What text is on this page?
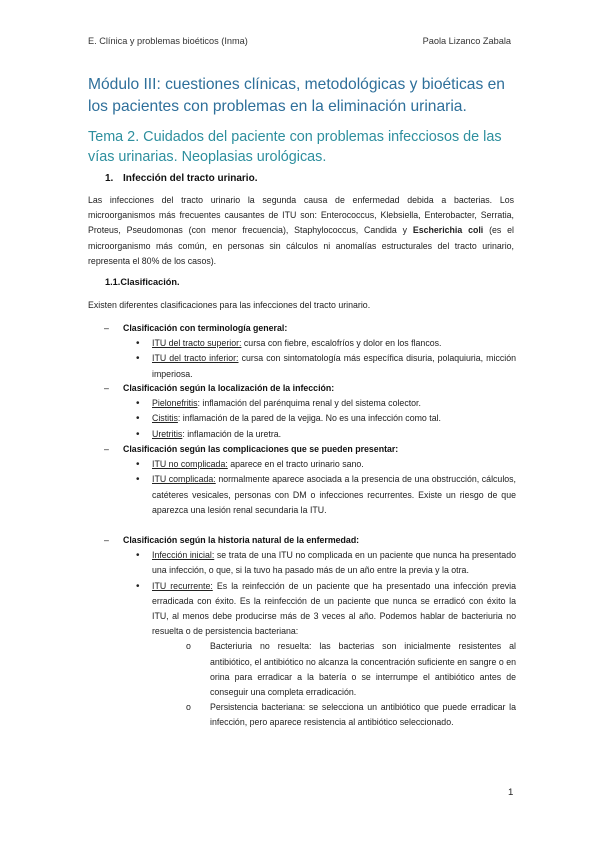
E. Clínica y problemas bioéticos (Inma)	Paola Lizanco Zabala
Módulo III: cuestiones clínicas, metodológicas y bioéticas en los pacientes con problemas en la eliminación urinaria.
Tema 2. Cuidados del paciente con problemas infecciosos de las vías urinarias. Neoplasias urológicas.
1. Infección del tracto urinario.

Las infecciones del tracto urinario la segunda causa de enfermedad debida a bacterias. Los microorganismos más frecuentes causantes de ITU son: Enterococcus, Klebsiella, Enterobacter, Serratia, Proteus, Pseudomonas (con menor frecuencia), Staphylococcus, Candida y Escherichia coli (es el microorganismo más común, en personas sin cálculos ni anomalías estructurales del tracto urinario, representa el 80% de los casos).

1.1.Clasificación.
Existen diferentes clasificaciones para las infecciones del tracto urinario.
– Clasificación con terminología general:
• ITU del tracto superior: cursa con fiebre, escalofríos y dolor en los flancos.
• ITU del tracto inferior: cursa con sintomatología más específica disuria, polaquiuria, micción imperiosa.
– Clasificación según la localización de la infección:
• Pielonefritis: inflamación del parénquima renal y del sistema colector.
• Cistitis: inflamación de la pared de la vejiga. No es una infección como tal.
• Uretritis: inflamación de la uretra.
– Clasificación según las complicaciones que se pueden presentar:
• ITU no complicada: aparece en el tracto urinario sano.
• ITU complicada: normalmente aparece asociada a la presencia de una obstrucción, cálculos, catéteres vesicales, personas con DM o infecciones recurrentes. Existe un riesgo de que aparezca una lesión renal secundaria la ITU.
– Clasificación según la historia natural de la enfermedad:
• Infección inicial: se trata de una ITU no complicada en un paciente que nunca ha presentado una infección, o que, si la tuvo ha pasado más de un año entre la previa y la otra.
• ITU recurrente: Es la reinfección de un paciente que ha presentado una infección previa erradicada con éxito. Es la reinfección de un paciente que nunca se erradicó con éxito la ITU, al menos debe producirse más de 3 veces al año. Podemos hablar de bacteriuria no resuelta o de persistencia bacteriana:
o Bacteriuria no resuelta: las bacterias son inicialmente resistentes al antibiótico, el antibiótico no alcanza la concentración suficiente en sangre o en orina para erradicar a la batería o se interrumpe el antibiótico antes de conseguir una completa erradicación.
o Persistencia bacteriana: se selecciona un antibiótico que puede erradicar la infección, pero aparece resistencia al antibiótico seleccionado.
1
